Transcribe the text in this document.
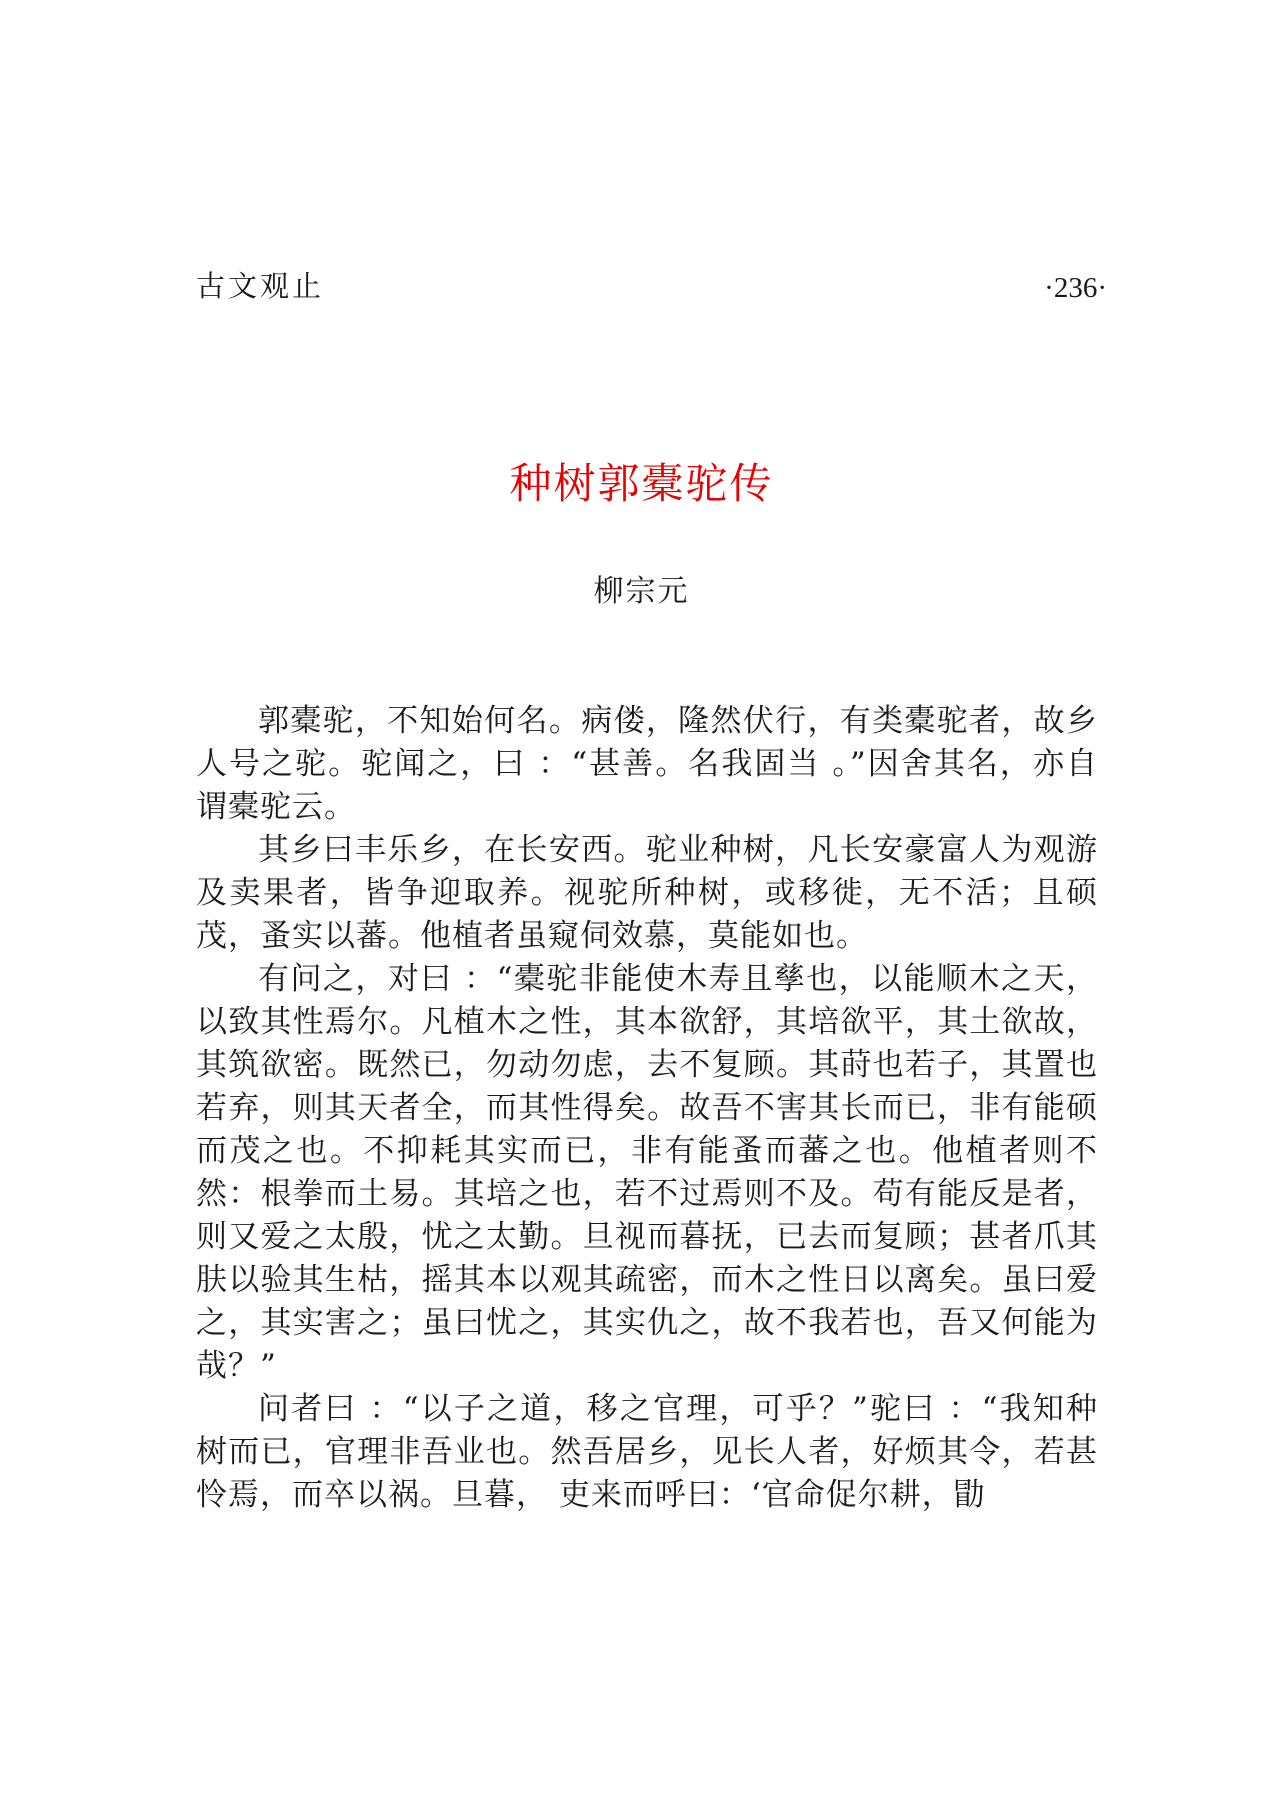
古文观止	·236·
种树郭橐驼传
柳宗元

郭橐驼，不知始何名。病偻，隆然伏行，有类橐驼者，故乡人号之驼。驼闻之，曰 ：“甚善。名我固当 。”因舍其名，亦自谓橐驼云。

其乡曰丰乐乡，在长安西。驼业种树，凡长安豪富人为观游及卖果者，皆争迎取养。视驼所种树，或移徙，无不活；且硕茂，蚤实以蕃。他植者虽窥伺效慕，莫能如也。

有问之，对曰 ：“橐驼非能使木寿且孳也，以能顺木之天，以致其性焉尔。凡植木之性，其本欲舒，其培欲平，其土欲故，其筑欲密。既然已，勿动勿虑，去不复顾。其莳也若子，其置也若弃，则其天者全，而其性得矣。故吾不害其长而已，非有能硕而茂之也。不抑耗其实而已，非有能蚤而蕃之也。他植者则不然：根拳而土易。其培之也，若不过焉则不及。苟有能反是者，则又爱之太殷，忧之太勤。旦视而暮抚，已去而复顾；甚者爪其肤以验其生枯，摇其本以观其疏密，而木之性日以离矣。虽曰爱之，其实害之；虽曰忧之，其实仇之，故不我若也，吾又何能为哉？”

问者曰 ：“以子之道，移之官理，可乎？”驼曰 ：“我知种树而已，官理非吾业也。然吾居乡，见长人者，好烦其令，若甚怜焉，而卒以祸。旦暮， 吏来而呼曰：‘官命促尔耕，勖
